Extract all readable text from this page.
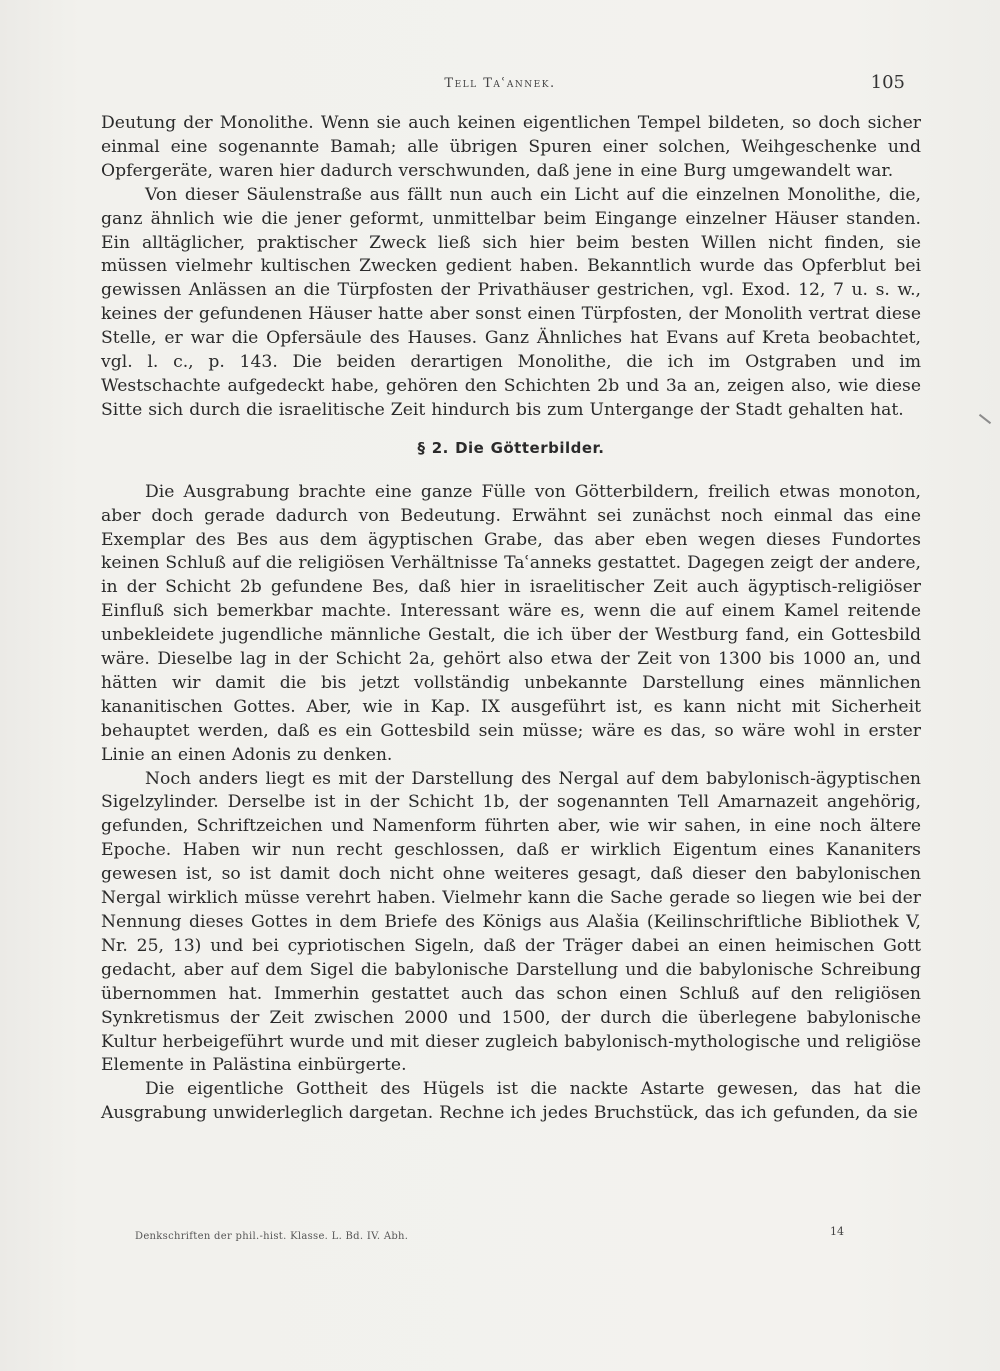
Tell Taʿannek.	105

Deutung der Monolithe. Wenn sie auch keinen eigentlichen Tempel bildeten, so doch sicher einmal eine sogenannte Bamah; alle übrigen Spuren einer solchen, Weihgeschenke und Opfergeräte, waren hier dadurch verschwunden, daß jene in eine Burg umgewandelt war.

Von dieser Säulenstraße aus fällt nun auch ein Licht auf die einzelnen Monolithe, die, ganz ähnlich wie die jener geformt, unmittelbar beim Eingange einzelner Häuser standen. Ein alltäglicher, praktischer Zweck ließ sich hier beim besten Willen nicht finden, sie müssen vielmehr kultischen Zwecken gedient haben. Bekanntlich wurde das Opferblut bei gewissen Anlässen an die Türpfosten der Privathäuser gestrichen, vgl. Exod. 12, 7 u. s. w., keines der gefundenen Häuser hatte aber sonst einen Türpfosten, der Monolith vertrat diese Stelle, er war die Opfersäule des Hauses. Ganz Ähnliches hat Evans auf Kreta beobachtet, vgl. l. c., p. 143. Die beiden derartigen Monolithe, die ich im Ostgraben und im Westschachte aufgedeckt habe, gehören den Schichten 2b und 3a an, zeigen also, wie diese Sitte sich durch die israelitische Zeit hindurch bis zum Untergange der Stadt gehalten hat.

§ 2. Die Götterbilder.

Die Ausgrabung brachte eine ganze Fülle von Götterbildern, freilich etwas monoton, aber doch gerade dadurch von Bedeutung. Erwähnt sei zunächst noch einmal das eine Exemplar des Bes aus dem ägyptischen Grabe, das aber eben wegen dieses Fundortes keinen Schluß auf die religiösen Verhältnisse Taʿanneks gestattet. Dagegen zeigt der andere, in der Schicht 2b gefundene Bes, daß hier in israelitischer Zeit auch ägyptisch-religiöser Einfluß sich bemerkbar machte. Interessant wäre es, wenn die auf einem Kamel reitende unbekleidete jugendliche männliche Gestalt, die ich über der Westburg fand, ein Gottesbild wäre. Dieselbe lag in der Schicht 2a, gehört also etwa der Zeit von 1300 bis 1000 an, und hätten wir damit die bis jetzt vollständig unbekannte Darstellung eines männlichen kananitischen Gottes. Aber, wie in Kap. IX ausgeführt ist, es kann nicht mit Sicherheit behauptet werden, daß es ein Gottesbild sein müsse; wäre es das, so wäre wohl in erster Linie an einen Adonis zu denken.

Noch anders liegt es mit der Darstellung des Nergal auf dem babylonisch-ägyptischen Sigelzylinder. Derselbe ist in der Schicht 1b, der sogenannten Tell Amarnazeit angehörig, gefunden, Schriftzeichen und Namenform führten aber, wie wir sahen, in eine noch ältere Epoche. Haben wir nun recht geschlossen, daß er wirklich Eigentum eines Kananiters gewesen ist, so ist damit doch nicht ohne weiteres gesagt, daß dieser den babylonischen Nergal wirklich müsse verehrt haben. Vielmehr kann die Sache gerade so liegen wie bei der Nennung dieses Gottes in dem Briefe des Königs aus Alašia (Keilinschriftliche Bibliothek V, Nr. 25, 13) und bei cypriotischen Sigeln, daß der Träger dabei an einen heimischen Gott gedacht, aber auf dem Sigel die babylonische Darstellung und die babylonische Schreibung übernommen hat. Immerhin gestattet auch das schon einen Schluß auf den religiösen Synkretismus der Zeit zwischen 2000 und 1500, der durch die überlegene babylonische Kultur herbeigeführt wurde und mit dieser zugleich babylonisch-mythologische und religiöse Elemente in Palästina einbürgerte.

Die eigentliche Gottheit des Hügels ist die nackte Astarte gewesen, das hat die Ausgrabung unwiderleglich dargetan. Rechne ich jedes Bruchstück, das ich gefunden, da sie

Denkschriften der phil.-hist. Klasse. L. Bd. IV. Abh.	14
